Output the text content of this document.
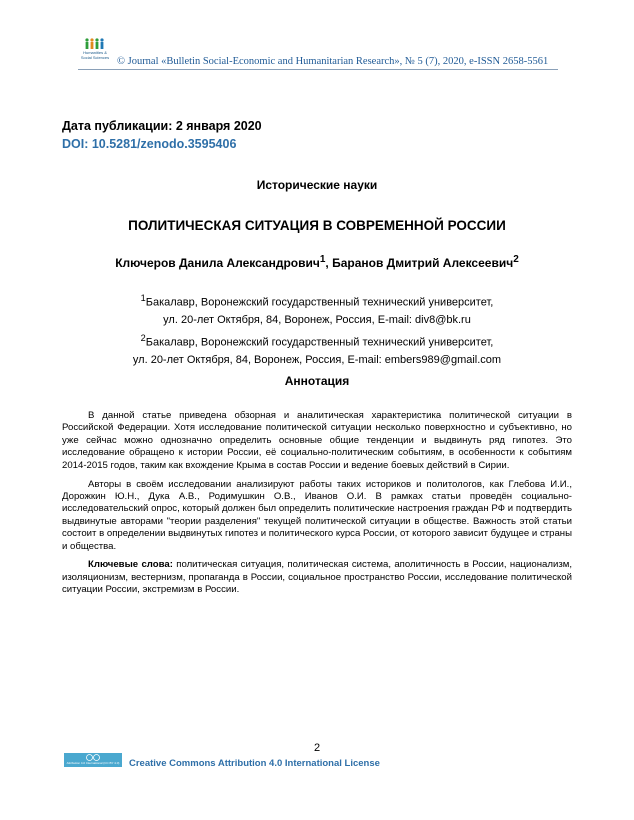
Humanities & Social Sciences © Journal «Bulletin Social-Economic and Humanitarian Research», № 5 (7), 2020, e-ISSN 2658-5561
Дата публикации: 2 января 2020
DOI: 10.5281/zenodo.3595406
Исторические науки
ПОЛИТИЧЕСКАЯ СИТУАЦИЯ В СОВРЕМЕННОЙ РОССИИ
Ключеров Данила Александрович$^1$, Баранов Дмитрий Алексеевич$^2$
$^1$Бакалавр, Воронежский государственный технический университет,
ул. 20-лет Октября, 84, Воронеж, Россия, E-mail: div8@bk.ru
$^2$Бакалавр, Воронежский государственный технический университет,
ул. 20-лет Октября, 84, Воронеж, Россия, E-mail: embers989@gmail.com
Аннотация

В данной статье приведена обзорная и аналитическая характеристика политической ситуации в Российской Федерации. Хотя исследование политической ситуации несколько поверхностно и субъективно, но уже сейчас можно однозначно определить основные общие тенденции и выдвинуть ряд гипотез. Это исследование обращено к истории России, её социально-политическим событиям, в особенности к событиям 2014-2015 годов, таким как вхождение Крыма в состав России и ведение боевых действий в Сирии.

Авторы в своём исследовании анализируют работы таких историков и политологов, как Глебова И.И., Дорожкин Ю.Н., Дука А.В., Родимушкин О.В., Иванов О.И. В рамках статьи проведён социально-исследовательский опрос, который должен был определить политические настроения граждан РФ и подтвердить выдвинутые авторами "теории разделения" текущей политической ситуации в обществе. Важность этой статьи состоит в определении выдвинутых гипотез и политического курса России, от которого зависит будущее и страны и общества.

Ключевые слова: политическая ситуация, политическая система, аполитичность в России, национализм, изоляционизм, вестернизм, пропаганда в России, социальное пространство России, исследование политической ситуации России, экстремизм в России.

2
Attribution 4.0 International (CC BY 4.0) Creative Commons Attribution 4.0 International License
